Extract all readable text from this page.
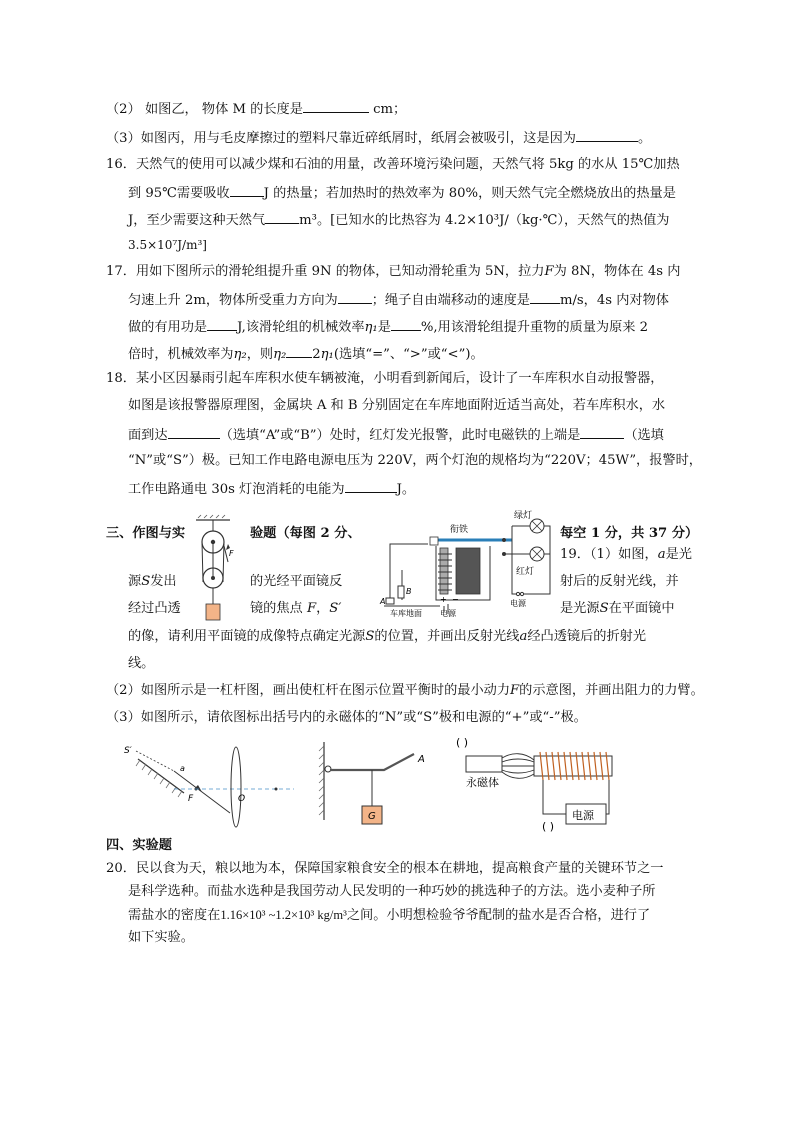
（2） 如图乙， 物体 M 的长度是	cm；
（3）如图丙，用与毛皮摩擦过的塑料尺靠近碎纸屑时，纸屑会被吸引，这是因为	。
16．天然气的使用可以减少煤和石油的用量，改善环境污染问题，天然气将 5kg 的水从 15℃加热
到 95℃需要吸收	J 的热量；若加热时的热效率为 80%，则天然气完全燃烧放出的热量是
J，至少需要这种天然气	m³。[已知水的比热容为 4.2×10³J/（kg·℃），天然气的热值为
3.5×10⁷J/m³]
17．用如下图所示的滑轮组提升重 9N 的物体，已知动滑轮重为 5N，拉力F为 8N，物体在 4s 内
匀速上升 2m，物体所受重力方向为	；绳子自由端移动的速度是 m/s，4s 内对物体
做的有用功是 J,该滑轮组的机械效率η₁是 %,用该滑轮组提升重物的质量为原来 2
倍时，机械效率为η₂，则η₂ 2η₁(选填“=”、“>”或“<”)。
18．某小区因暴雨引起车库积水使车辆被淹，小明看到新闻后，设计了一车库积水自动报警器，
如图是该报警器原理图，金属块 A 和 B 分别固定在车库地面附近适当高处，若车库积水，水
面到达	（选填“A”或“B”）处时，红灯发光报警，此时电磁铁的上端是	（选填
“N”或“S”）极。已知工作电路电源电压为 220V，两个灯泡的规格均为“220V；45W”，报警时，
工作电路通电 30s 灯泡消耗的电能为	J。
三、作图与实	验题（每图 2 分、	每空 1 分，共 37 分）
19．（1）如图，a是光
源S发出	的光经平面镜反	射后的反射光线，并
经过凸透	镜的焦点 F，S′	是光源S在平面镜中
的像，请利用平面镜的成像特点确定光源S的位置，并画出反射光线a经凸透镜后的折射光
线。
（2）如图所示是一杠杆图，画出使杠杆在图示位置平衡时的最小动力F的示意图，并画出阻力的力臂。
（3）如图所示，请依图标出括号内的永磁体的“N”或“S”极和电源的“+”或“-”极。
F
B
A
车库地面
衔铁
+ −
电源
绿灯
红灯
电源
S′
a
F	O
A
G
( )
永磁体
电源
( )
四、实验题
20．民以食为天，粮以地为本，保障国家粮食安全的根本在耕地，提高粮食产量的关键环节之一
是科学选种。而盐水选种是我国劳动人民发明的一种巧妙的挑选种子的方法。选小麦种子所
需盐水的密度在1.16×10³ ~1.2×10³ kg/m³之间。小明想检验爷爷配制的盐水是否合格，进行了
如下实验。
